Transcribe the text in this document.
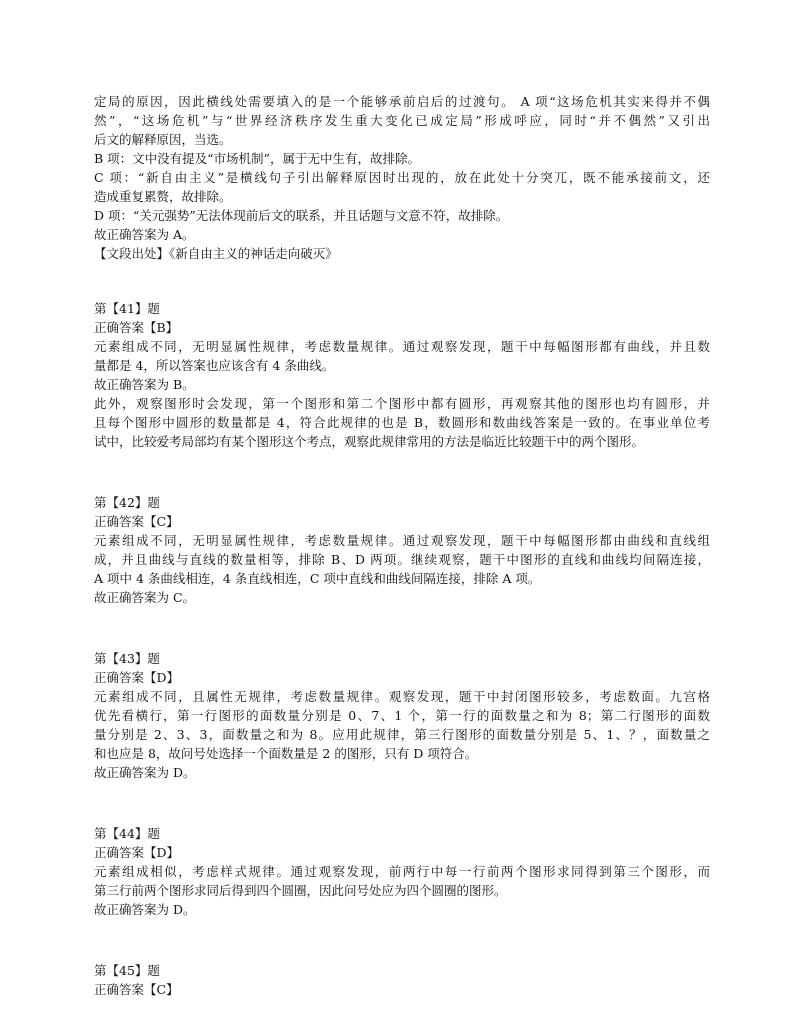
定局的原因，因此横线处需要填入的是一个能够承前启后的过渡句。 A 项“这场危机其实来得并不偶
然”，“这场危机”与“世界经济秩序发生重大变化已成定局”形成呼应，同时“并不偶然”又引出
后文的解释原因，当选。
B 项：文中没有提及“市场机制”，属于无中生有，故排除。
C 项：“新自由主义”是横线句子引出解释原因时出现的，放在此处十分突兀，既不能承接前文，还
造成重复累赘，故排除。
D 项：“关元强势”无法体现前后文的联系，并且话题与文意不符，故排除。
故正确答案为 A。
【文段出处】《新自由主义的神话走向破灭》
第【41】题
正确答案【B】
元素组成不同，无明显属性规律，考虑数量规律。通过观察发现，题干中每幅图形都有曲线，并且数
量都是 4，所以答案也应该含有 4 条曲线。
故正确答案为 B。
此外，观察图形时会发现，第一个图形和第二个图形中都有圆形，再观察其他的图形也均有圆形，并
且每个图形中圆形的数量都是 4，符合此规律的也是 B，数圆形和数曲线答案是一致的。在事业单位考
试中，比较爱考局部均有某个图形这个考点，观察此规律常用的方法是临近比较题干中的两个图形。
第【42】题
正确答案【C】
元素组成不同，无明显属性规律，考虑数量规律。通过观察发现，题干中每幅图形都由曲线和直线组
成，并且曲线与直线的数量相等，排除 B、D 两项。继续观察，题干中图形的直线和曲线均间隔连接，
A 项中 4 条曲线相连，4 条直线相连，C 项中直线和曲线间隔连接，排除 A 项。
故正确答案为 C。
第【43】题
正确答案【D】
元素组成不同，且属性无规律，考虑数量规律。观察发现，题干中封闭图形较多，考虑数面。九宫格
优先看横行，第一行图形的面数量分别是 0、7、1 个，第一行的面数量之和为 8；第二行图形的面数
量分别是 2、3、3，面数量之和为 8。应用此规律，第三行图形的面数量分别是 5、1、？，面数量之
和也应是 8，故问号处选择一个面数量是 2 的图形，只有 D 项符合。
故正确答案为 D。
第【44】题
正确答案【D】
元素组成相似，考虑样式规律。通过观察发现，前两行中每一行前两个图形求同得到第三个图形，而
第三行前两个图形求同后得到四个圆圈，因此问号处应为四个圆圈的图形。
故正确答案为 D。
第【45】题
正确答案【C】
